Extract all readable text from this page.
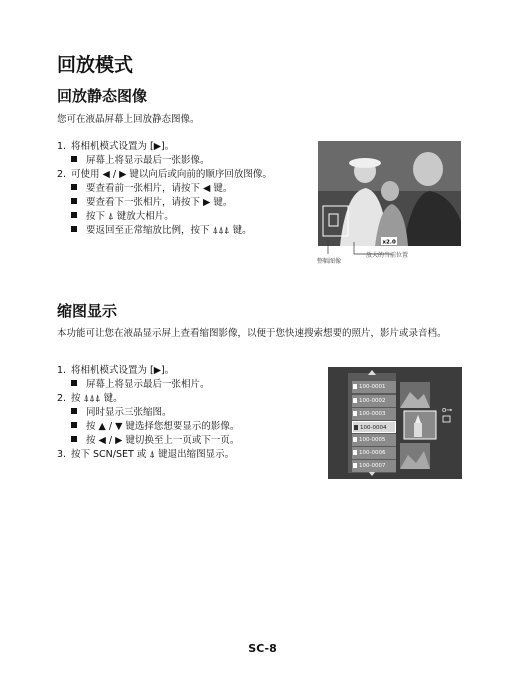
回放模式
回放静态图像
您可在液晶屏幕上回放静态图像。
1. 将相机模式设置为 [▶]。
屏幕上将显示最后一张影像。
2. 可使用 ◀ / ▶ 键以向后或向前的顺序回放图像。
要查看前一张相片，请按下 ◀ 键。
要查看下一张相片，请按下 ▶ 键。
按下 ⍋ 键放大相片。
要返回至正常缩放比例，按下 ⍋⍋⍋ 键。
x2.0
整幅图像
放大的当前位置
缩图显示
本功能可让您在液晶显示屏上查看缩图影像，以便于您快速搜索想要的照片，影片或录音档。
1. 将相机模式设置为 [▶]。
屏幕上将显示最后一张相片。
2. 按 ⍋⍋⍋ 键。
同时显示三张缩图。
按 ▲ / ▼ 键选择您想要显示的影像。
按 ◀ / ▶ 键切换至上一页或下一页。
3. 按下 SCN/SET 或 ⍋ 键退出缩图显示。
o⊸
100-0001
100-0002
100-0003
100-0004
100-0005
100-0006
100-0007
SC-8
